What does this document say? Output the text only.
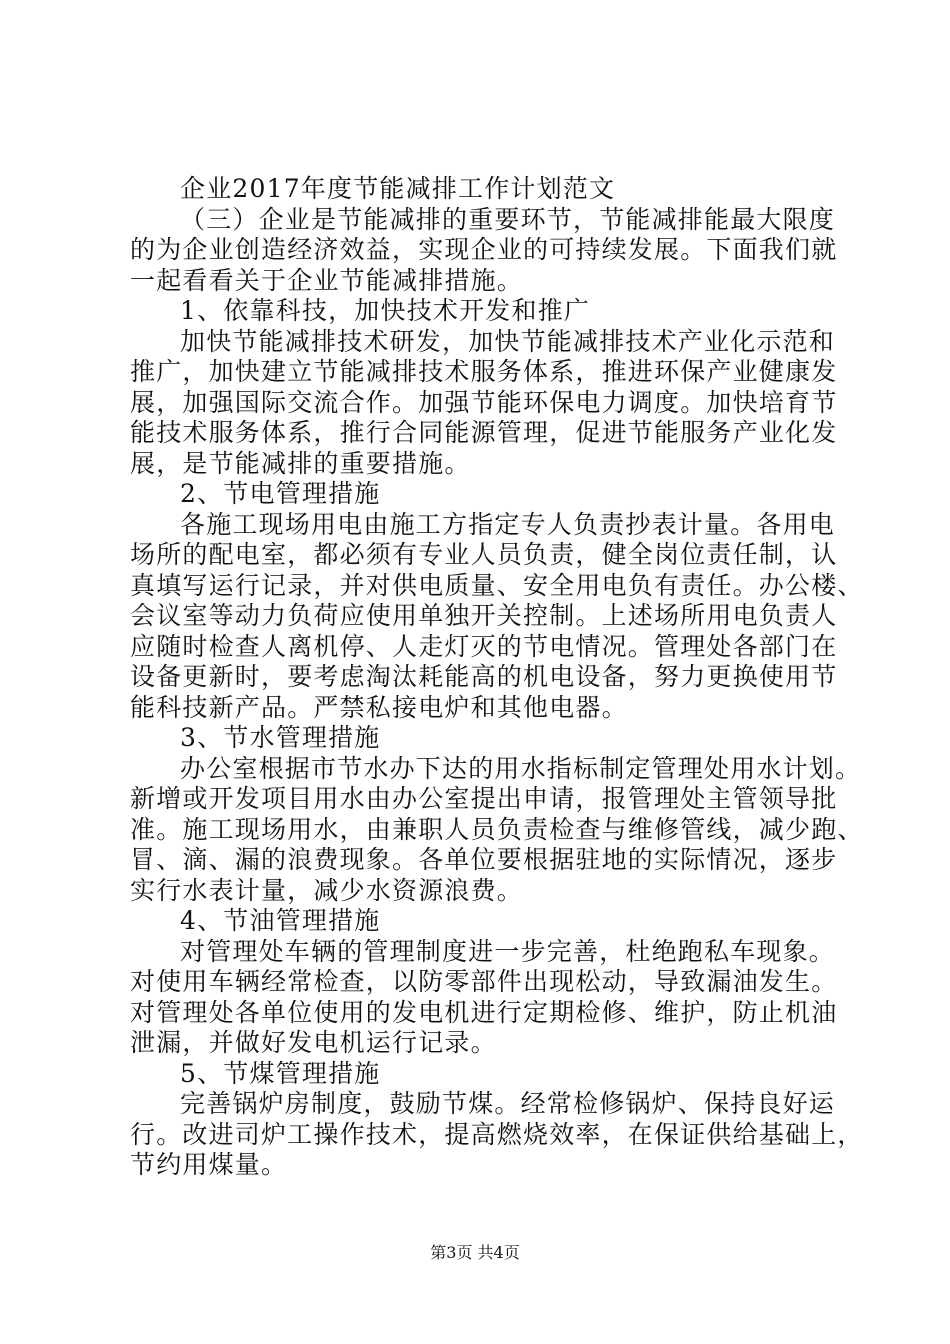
企业2017年度节能减排工作计划范文
（三）企业是节能减排的重要环节，节能减排能最大限度
的为企业创造经济效益，实现企业的可持续发展。下面我们就
一起看看关于企业节能减排措施。
1、依靠科技，加快技术开发和推广
加快节能减排技术研发，加快节能减排技术产业化示范和
推广，加快建立节能减排技术服务体系，推进环保产业健康发
展，加强国际交流合作。加强节能环保电力调度。加快培育节
能技术服务体系，推行合同能源管理，促进节能服务产业化发
展，是节能减排的重要措施。
2、节电管理措施
各施工现场用电由施工方指定专人负责抄表计量。各用电
场所的配电室，都必须有专业人员负责，健全岗位责任制，认
真填写运行记录，并对供电质量、安全用电负有责任。办公楼、
会议室等动力负荷应使用单独开关控制。上述场所用电负责人
应随时检查人离机停、人走灯灭的节电情况。管理处各部门在
设备更新时，要考虑淘汰耗能高的机电设备，努力更换使用节
能科技新产品。严禁私接电炉和其他电器。
3、节水管理措施
办公室根据市节水办下达的用水指标制定管理处用水计划。
新增或开发项目用水由办公室提出申请，报管理处主管领导批
准。施工现场用水，由兼职人员负责检查与维修管线，减少跑、
冒、滴、漏的浪费现象。各单位要根据驻地的实际情况，逐步
实行水表计量，减少水资源浪费。
4、节油管理措施
对管理处车辆的管理制度进一步完善，杜绝跑私车现象。
对使用车辆经常检查，以防零部件出现松动，导致漏油发生。
对管理处各单位使用的发电机进行定期检修、维护，防止机油
泄漏，并做好发电机运行记录。
5、节煤管理措施
完善锅炉房制度，鼓励节煤。经常检修锅炉、保持良好运
行。改进司炉工操作技术，提高燃烧效率，在保证供给基础上，
节约用煤量。
第3页 共4页
